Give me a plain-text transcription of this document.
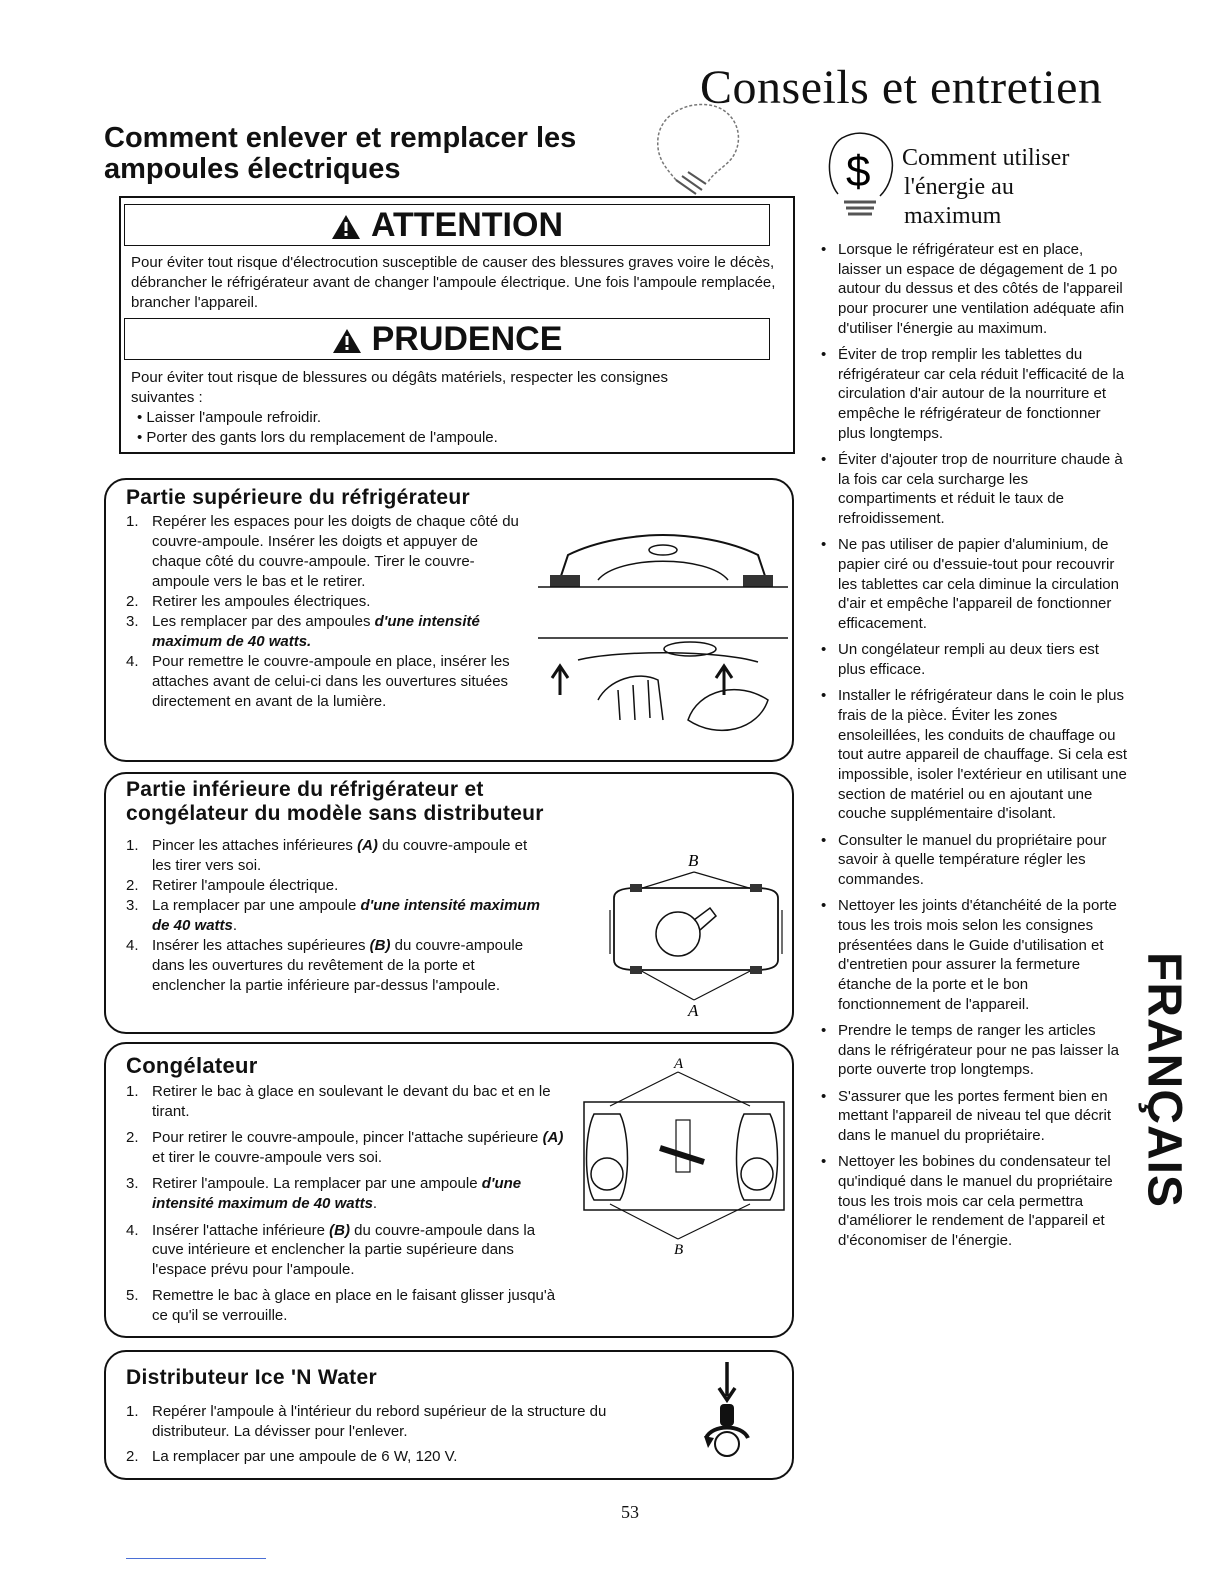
Conseils et entretien
Comment enlever et remplacer les ampoules électriques
ATTENTION
Pour éviter tout risque d'électrocution susceptible de causer des blessures graves voire le décès, débrancher le réfrigérateur avant de changer l'ampoule électrique. Une fois l'ampoule remplacée, brancher l'appareil.
PRUDENCE
Pour éviter tout risque de blessures ou dégâts matériels, respecter les consignes suivantes :
• Laisser l'ampoule refroidir.
• Porter des gants lors du remplacement de l'ampoule.
Partie supérieure du réfrigérateur
1. Repérer les espaces pour les doigts de chaque côté du couvre-ampoule. Insérer les doigts et appuyer de chaque côté du couvre-ampoule. Tirer le couvre-ampoule vers le bas et le retirer.
2. Retirer les ampoules électriques.
3. Les remplacer par des ampoules d'une intensité maximum de 40 watts.
4. Pour remettre le couvre-ampoule en place, insérer les attaches avant de celui-ci dans les ouvertures situées directement en avant de la lumière.
Partie inférieure du réfrigérateur et
congélateur du modèle sans distributeur
1. Pincer les attaches inférieures (A) du couvre-ampoule et les tirer vers soi.
2. Retirer l'ampoule électrique.
3. La remplacer par une ampoule d'une intensité maximum de 40 watts.
4. Insérer les attaches supérieures (B) du couvre-ampoule dans les ouvertures du revêtement de la porte et enclencher la partie inférieure par-dessus l'ampoule.
B
A
Congélateur
1. Retirer le bac à glace en soulevant le devant du bac et en le tirant.
2. Pour retirer le couvre-ampoule, pincer l'attache supérieure (A) et tirer le couvre-ampoule vers soi.
3. Retirer l'ampoule. La remplacer par une ampoule d'une intensité maximum de 40 watts.
4. Insérer l'attache inférieure (B) du couvre-ampoule dans la cuve intérieure et enclencher la partie supérieure dans l'espace prévu pour l'ampoule.
5. Remettre le bac à glace en place en le faisant glisser jusqu'à ce qu'il se verrouille.
A
B
Distributeur Ice 'N Water
1. Repérer l'ampoule à l'intérieur du rebord supérieur de la structure du distributeur. La dévisser pour l'enlever.
2. La remplacer par une ampoule de 6 W, 120 V.
$ Comment utiliser
l'énergie au
maximum
• Lorsque le réfrigérateur est en place, laisser un espace de dégagement de 1 po autour du dessus et des côtés de l'appareil pour procurer une ventilation adéquate afin d'utiliser l'énergie au maximum.
• Éviter de trop remplir les tablettes du réfrigérateur car cela réduit l'efficacité de la circulation d'air autour de la nourriture et empêche le réfrigérateur de fonctionner plus longtemps.
• Éviter d'ajouter trop de nourriture chaude à la fois car cela surcharge les compartiments et réduit le taux de refroidissement.
• Ne pas utiliser de papier d'aluminium, de papier ciré ou d'essuie-tout pour recouvrir les tablettes car cela diminue la circulation d'air et empêche l'appareil de fonctionner efficacement.
• Un congélateur rempli au deux tiers est plus efficace.
• Installer le réfrigérateur dans le coin le plus frais de la pièce. Éviter les zones ensoleillées, les conduits de chauffage ou tout autre appareil de chauffage. Si cela est impossible, isoler l'extérieur en utilisant une section de matériel ou en ajoutant une couche supplémentaire d'isolant.
• Consulter le manuel du propriétaire pour savoir à quelle température régler les commandes.
• Nettoyer les joints d'étanchéité de la porte tous les trois mois selon les consignes présentées dans le Guide d'utilisation et d'entretien pour assurer la fermeture étanche de la porte et le bon fonctionnement de l'appareil.
• Prendre le temps de ranger les articles dans le réfrigérateur pour ne pas laisser la porte ouverte trop longtemps.
• S'assurer que les portes ferment bien en mettant l'appareil de niveau tel que décrit dans le manuel du propriétaire.
• Nettoyer les bobines du condensateur tel qu'indiqué dans le manuel du propriétaire tous les trois mois car cela permettra d'améliorer le rendement de l'appareil et d'économiser de l'énergie.
FRANÇAIS
53
